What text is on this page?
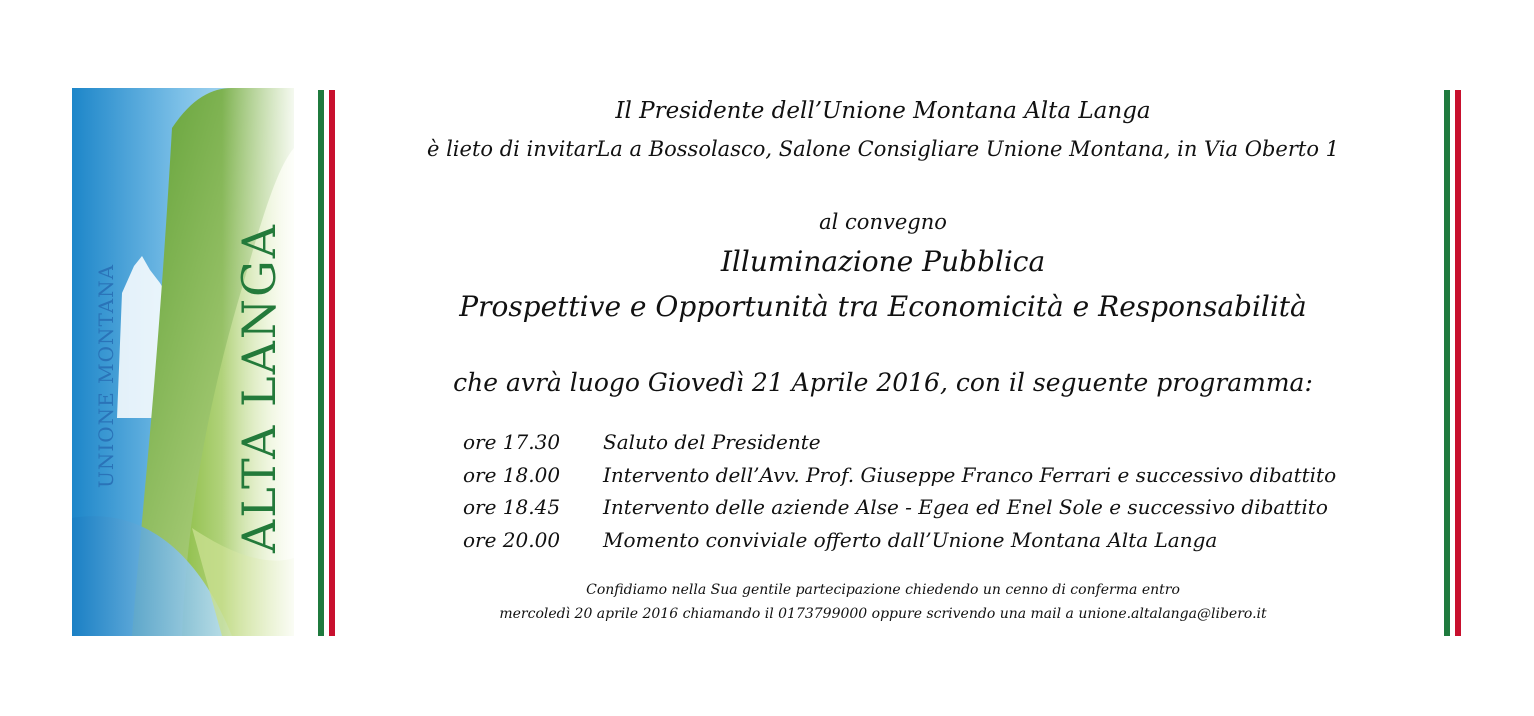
UNIONE MONTANA ALTA LANGA
Il Presidente dell’Unione Montana Alta Langa
è lieto di invitarLa a Bossolasco, Salone Consigliare Unione Montana, in Via Oberto 1
al convegno
Illuminazione Pubblica
Prospettive e Opportunità tra Economicità e Responsabilità
che avrà luogo Giovedì 21 Aprile 2016, con il seguente programma:
ore 17.30	Saluto del Presidente
ore 18.00	Intervento dell’Avv. Prof. Giuseppe Franco Ferrari e successivo dibattito
ore 18.45	Intervento delle aziende Alse - Egea ed Enel Sole e successivo dibattito
ore 20.00	Momento conviviale offerto dall’Unione Montana Alta Langa
Confidiamo nella Sua gentile partecipazione chiedendo un cenno di conferma entro
mercoledì 20 aprile 2016 chiamando il 0173799000 oppure scrivendo una mail a unione.altalanga@libero.it
